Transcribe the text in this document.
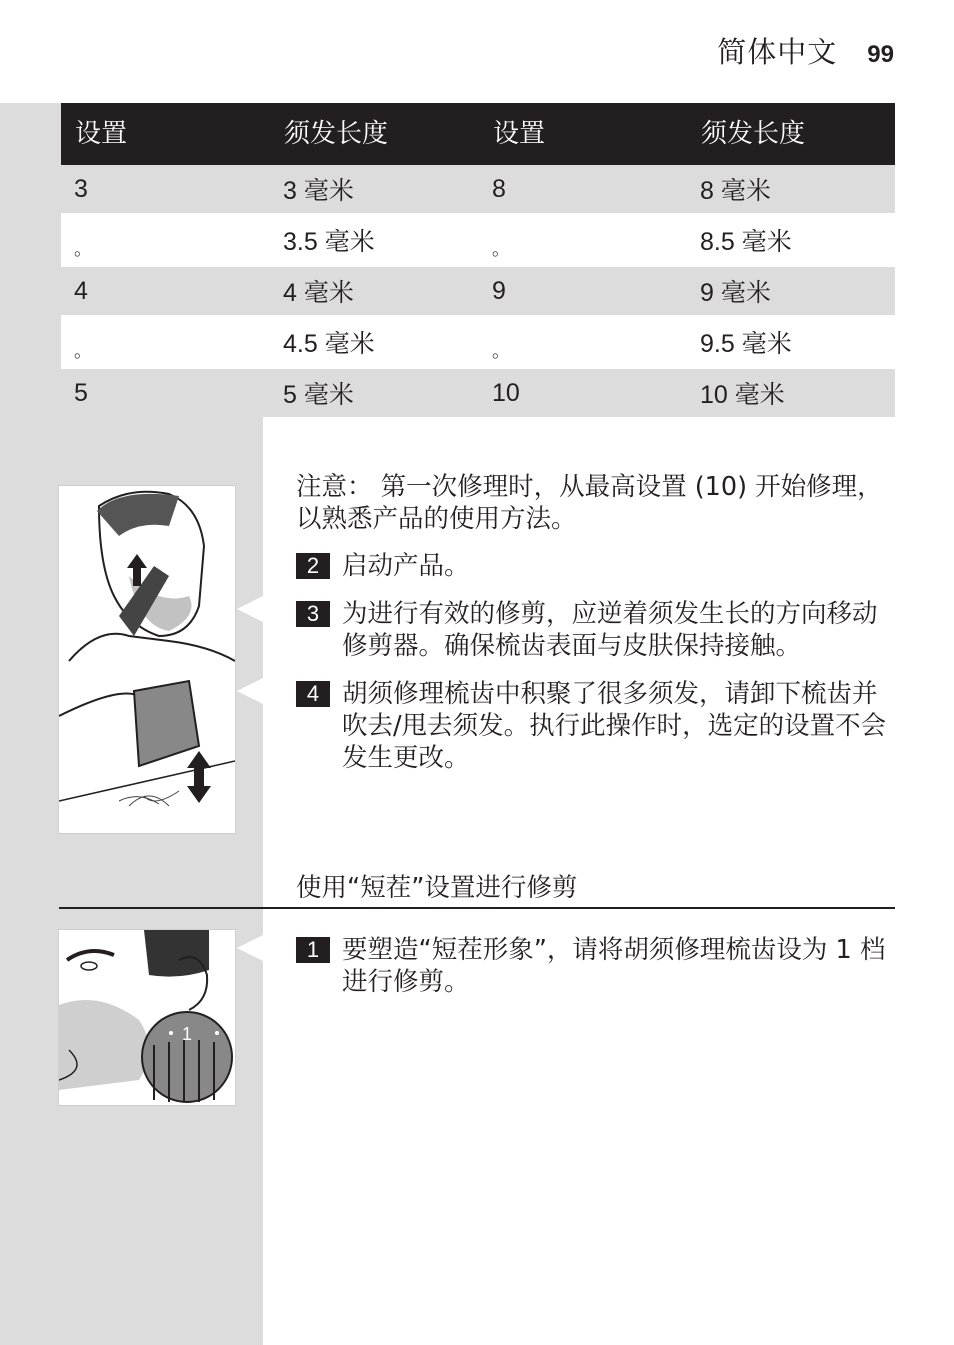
简体中文 99
设置	须发长度	设置	须发长度
3	3 毫米	8	8 毫米
。	3.5 毫米	。	8.5 毫米
4	4 毫米	9	9 毫米
。	4.5 毫米	。	9.5 毫米
5	5 毫米	10	10 毫米
注意： 第一次修理时，从最高设置 (10) 开始修理，以熟悉产品的使用方法。
2 启动产品。
3 为进行有效的修剪，应逆着须发生长的方向移动修剪器。确保梳齿表面与皮肤保持接触。
4 胡须修理梳齿中积聚了很多须发，请卸下梳齿并吹去/甩去须发。执行此操作时，选定的设置不会发生更改。
使用“短茬”设置进行修剪
1
1 要塑造“短茬形象”，请将胡须修理梳齿设为 1 档进行修剪。
